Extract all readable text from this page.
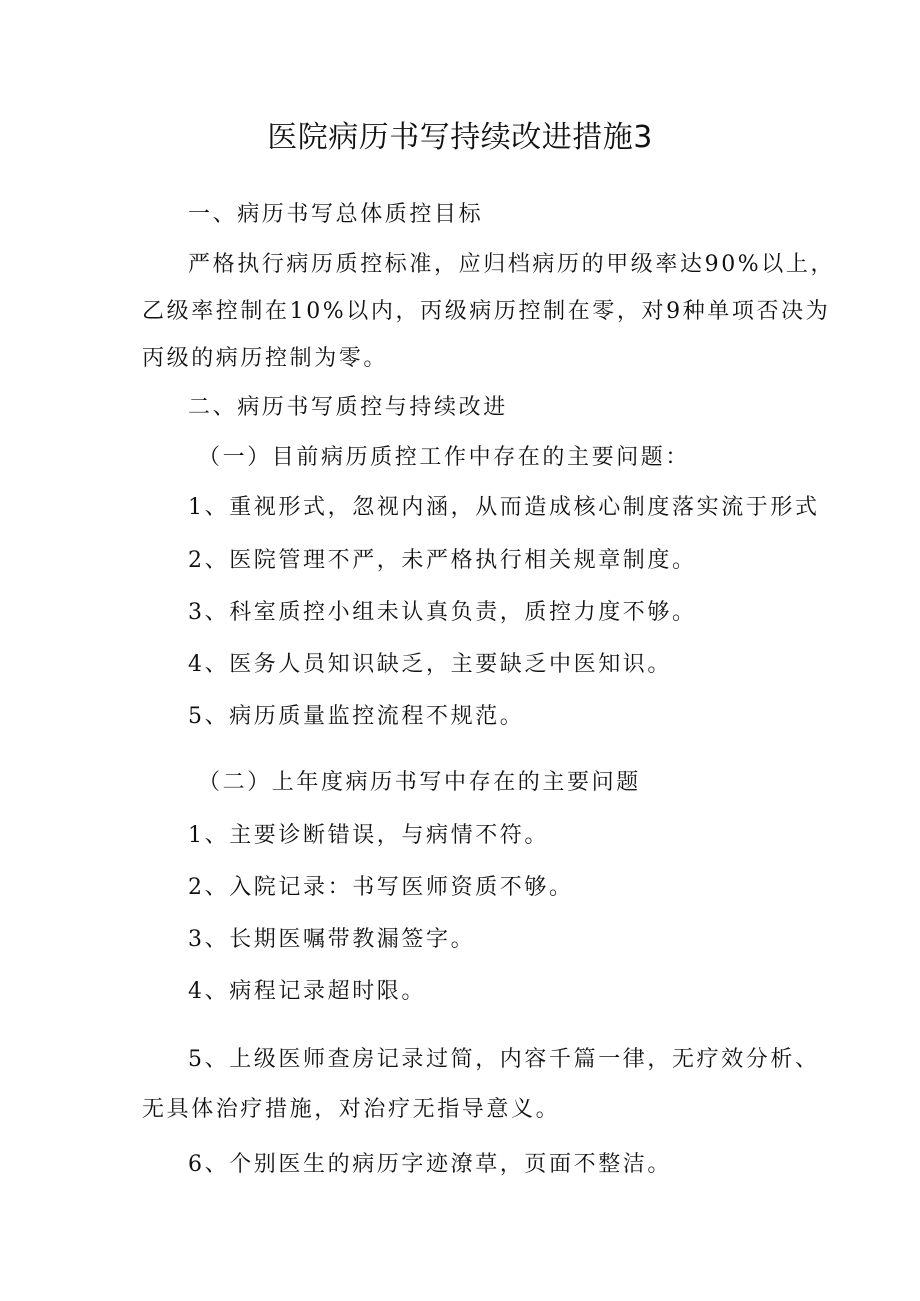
医院病历书写持续改进措施3
一、病历书写总体质控目标
严格执行病历质控标准，应归档病历的甲级率达90%以上，
乙级率控制在10%以内，丙级病历控制在零，对9种单项否决为
丙级的病历控制为零。
二、病历书写质控与持续改进
（一）目前病历质控工作中存在的主要问题：
1、重视形式，忽视内涵，从而造成核心制度落实流于形式
2、医院管理不严，未严格执行相关规章制度。
3、科室质控小组未认真负责，质控力度不够。
4、医务人员知识缺乏，主要缺乏中医知识。
5、病历质量监控流程不规范。
（二）上年度病历书写中存在的主要问题
1、主要诊断错误，与病情不符。
2、入院记录：书写医师资质不够。
3、长期医嘱带教漏签字。
4、病程记录超时限。
5、上级医师查房记录过简，内容千篇一律，无疗效分析、
无具体治疗措施，对治疗无指导意义。
6、个别医生的病历字迹潦草，页面不整洁。
